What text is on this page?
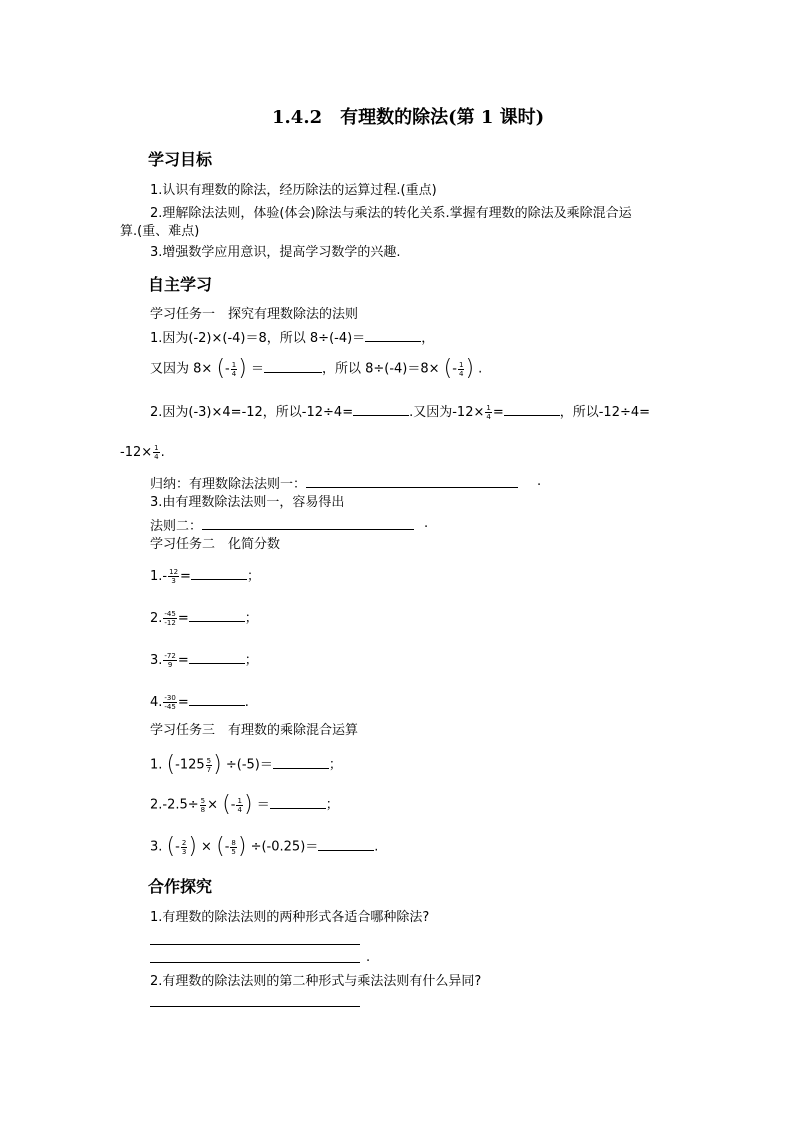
1.4.2　有理数的除法(第 1 课时)
学习目标
1.认识有理数的除法，经历除法的运算过程.(重点)
2.理解除法法则，体验(体会)除法与乘法的转化关系.掌握有理数的除法及乘除混合运
算.(重、难点)
3.增强数学应用意识，提高学习数学的兴趣.
自主学习
学习任务一　探究有理数除法的法则
1.因为(-2)×(-4)＝8，所以 8÷(-4)＝	，
又因为 8× (- $\frac{1}{4}$ ) ＝	，所以 8÷(-4)＝8× (- $\frac{1}{4}$ ) .
2.因为(-3)×4=-12，所以-12÷4=	.又因为$-12\times \frac{1}{4}$ =	，所以-12÷4=
$-12\times \frac{1}{4}$ .
归纳：有理数除法法则一：	.
3.由有理数除法法则一，容易得出
法则二：	.
学习任务二　化简分数
$1.- \frac{12}{3}$ =	；
2. $\frac{-45}{-12}$ =	；
3. $\frac{-72}{9}$ =	；
4. $\frac{-30}{-45}$ =	.
学习任务三　有理数的乘除混合运算
1. ($-125 \frac{5}{7}$ ) ÷(-5)＝	；
$2.-2.5\div \frac{5}{8}$ × (- $\frac{1}{4}$ ) ＝	；
3. (- $\frac{2}{3}$ ) × (- $\frac{8}{5}$ ) ÷(-0.25)＝	.
合作探究
1.有理数的除法法则的两种形式各适合哪种除法?
.
2.有理数的除法法则的第二种形式与乘法法则有什么异同?
